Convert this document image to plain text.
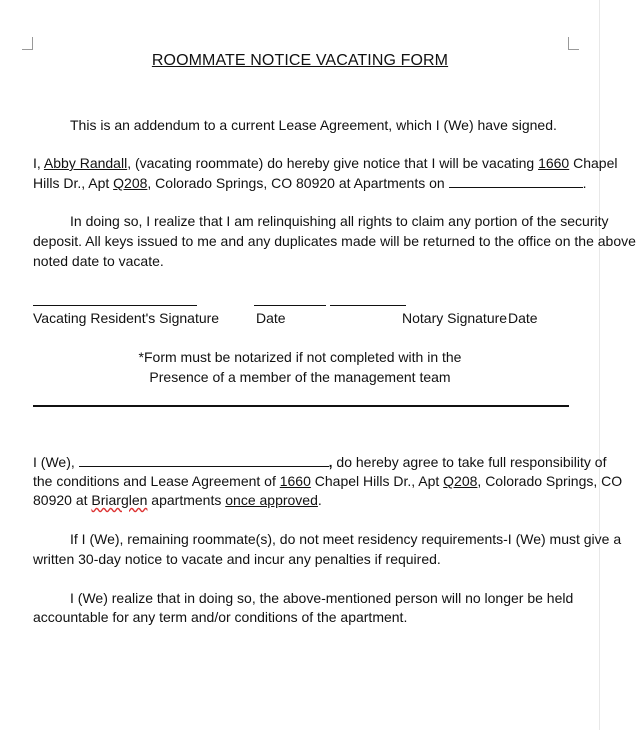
ROOMMATE NOTICE VACATING FORM
This is an addendum to a current Lease Agreement, which I (We) have signed.
I, Abby Randall, (vacating roommate) do hereby give notice that I will be vacating 1660 Chapel
Hills Dr., Apt Q208, Colorado Springs, CO 80920 at Apartments on	.
In doing so, I realize that I am relinquishing all rights to claim any portion of the security
deposit. All keys issued to me and any duplicates made will be returned to the office on the above
noted date to vacate.
Vacating Resident's Signature	Date	Notary Signature Date
*Form must be notarized if not completed with in the
Presence of a member of the management team
I (We),	, do hereby agree to take full responsibility of
the conditions and Lease Agreement of 1660 Chapel Hills Dr., Apt Q208, Colorado Springs, CO
80920 at Briarglen apartments once approved.
If I (We), remaining roommate(s), do not meet residency requirements-I (We) must give a
written 30-day notice to vacate and incur any penalties if required.
I (We) realize that in doing so, the above-mentioned person will no longer be held
accountable for any term and/or conditions of the apartment.
